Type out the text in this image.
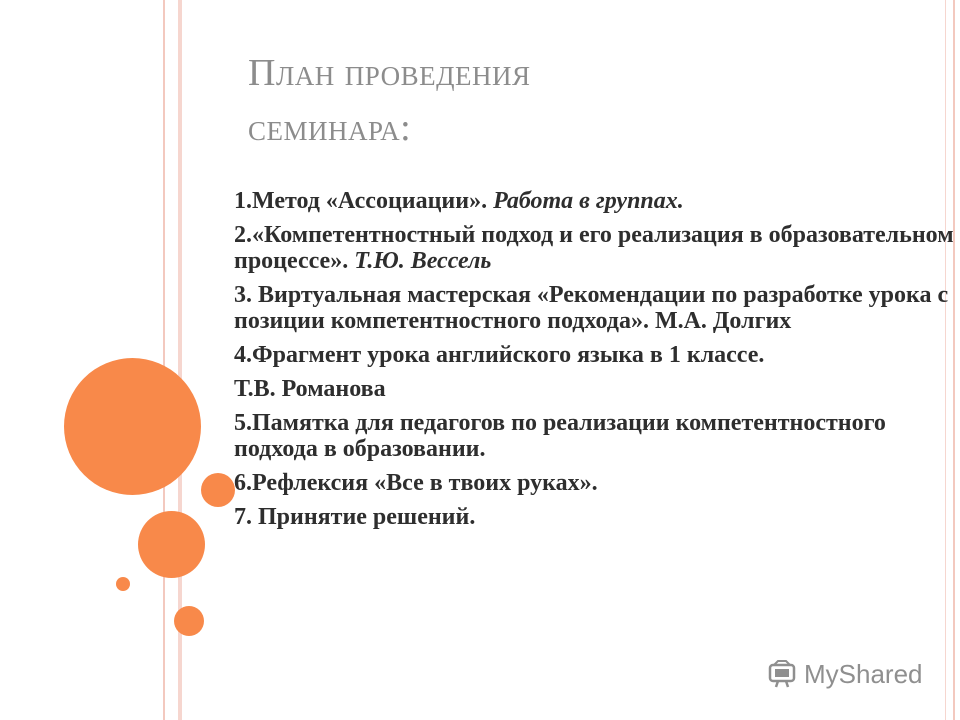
План проведения
семинара:
1.Метод «Ассоциации». Работа в группах.
2.«Компетентностный подход и его реализация в образовательном процессе». Т.Ю. Вессель
3. Виртуальная мастерская «Рекомендации по разработке урока с позиции компетентностного подхода». М.А. Долгих
4.Фрагмент урока английского языка в 1 классе.
Т.В. Романова
5.Памятка для педагогов по реализации компетентностного подхода в образовании.
6.Рефлексия «Все в твоих руках».
7. Принятие решений.
MyShared
